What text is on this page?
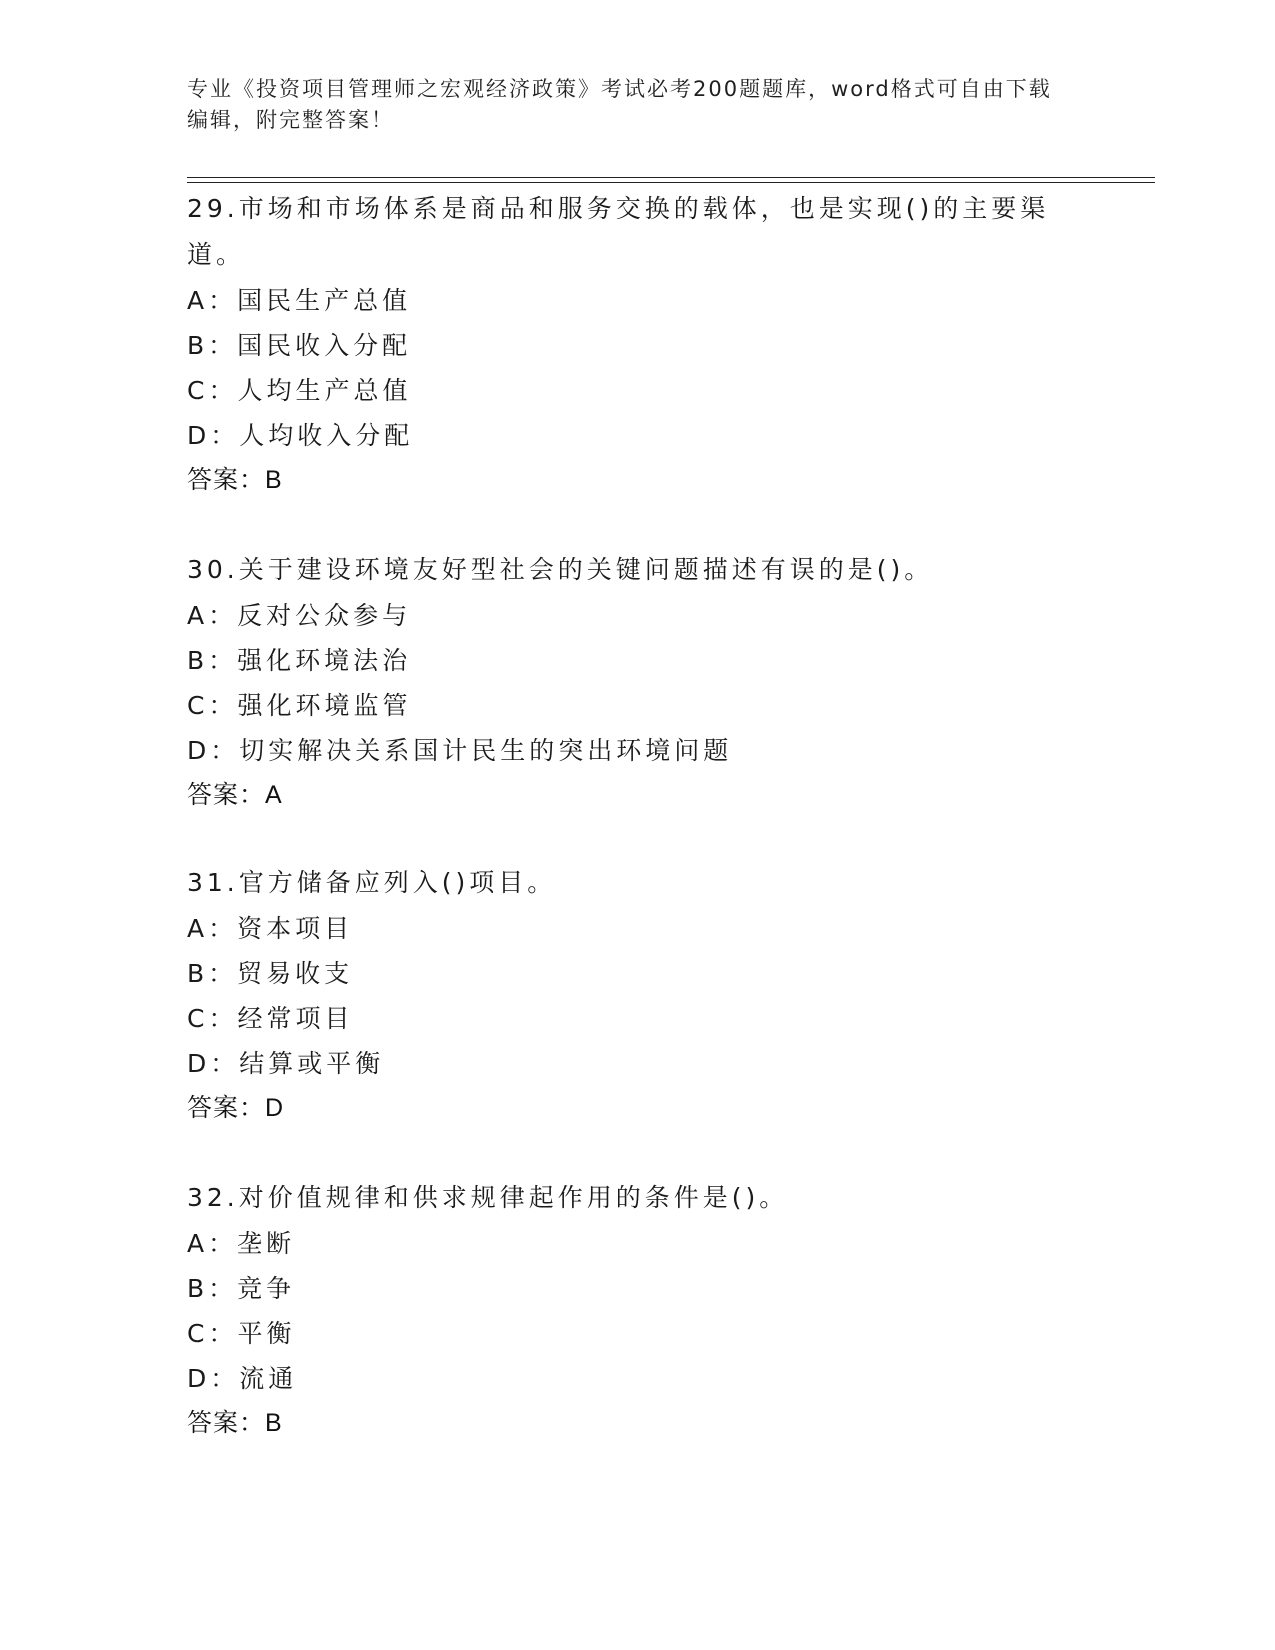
专业《投资项目管理师之宏观经济政策》考试必考200题题库，word格式可自由下载编辑，附完整答案！

29.市场和市场体系是商品和服务交换的载体，也是实现()的主要渠道。

A：国民生产总值

B：国民收入分配

C：人均生产总值

D：人均收入分配

答案：B

30.关于建设环境友好型社会的关键问题描述有误的是()。

A：反对公众参与

B：强化环境法治

C：强化环境监管

D：切实解决关系国计民生的突出环境问题

答案：A

31.官方储备应列入()项目。

A：资本项目

B：贸易收支

C：经常项目

D：结算或平衡

答案：D

32.对价值规律和供求规律起作用的条件是()。

A：垄断

B：竞争

C：平衡

D：流通

答案：B
